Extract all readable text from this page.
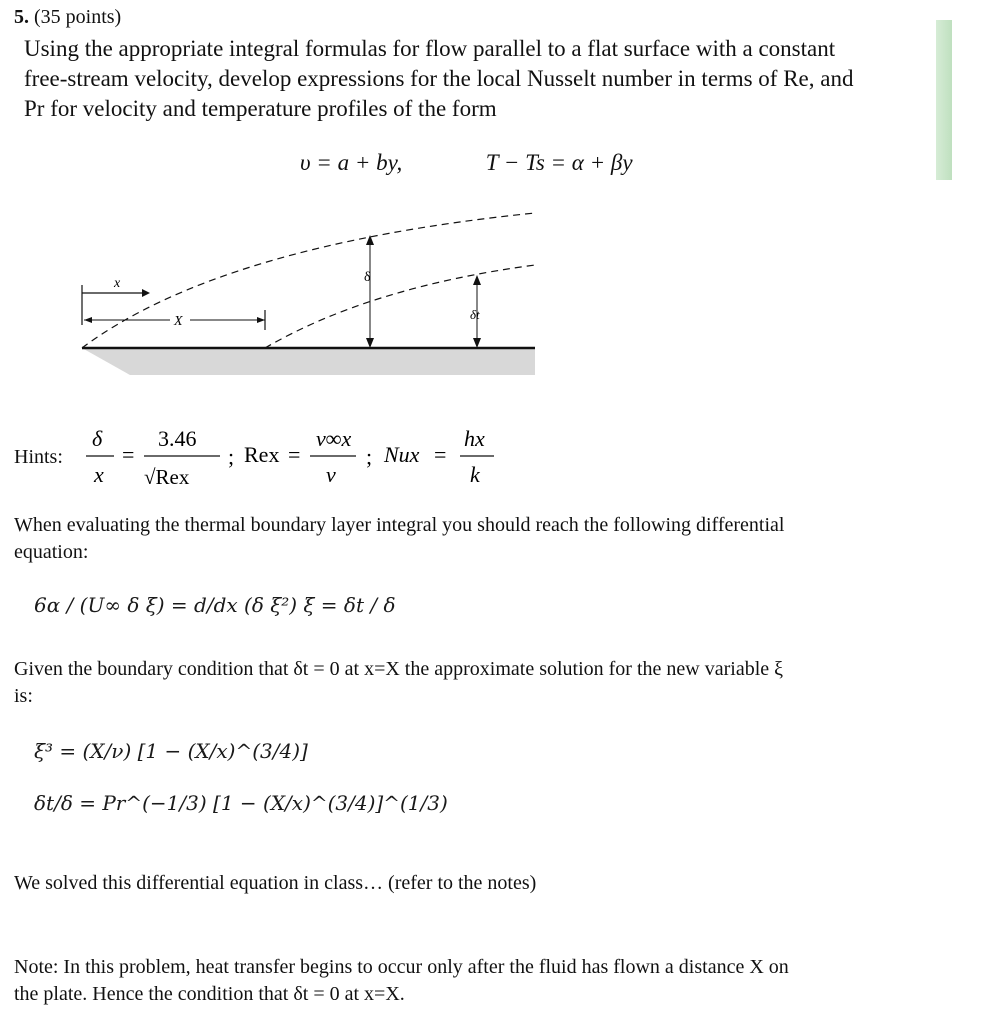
5. (35 points)
Using the appropriate integral formulas for flow parallel to a flat surface with a constant
free-stream velocity, develop expressions for the local Nusselt number in terms of Re, and
Pr for velocity and temperature profiles of the form
υ = a + by,	T − Ts = α + βy
x
X
δ
δt
Hints:
δ
x
=
3.46
√Rex
; Rex =
v∞x
ν
; Nux =
hx
k
When evaluating the thermal boundary layer integral you should reach the following differential
equation:
6α / (U∞ δ ξ) = d/dx (δ ξ²) ξ = δt / δ
Given the boundary condition that δt = 0 at x=X the approximate solution for the new variable ξ
is:
ξ³ = (X/ν) [1 − (X/x)^(3/4)]
δt/δ = Pr^(−1/3) [1 − (X/x)^(3/4)]^(1/3)
We solved this differential equation in class… (refer to the notes)
Note: In this problem, heat transfer begins to occur only after the fluid has flown a distance X on
the plate. Hence the condition that δt = 0 at x=X.
